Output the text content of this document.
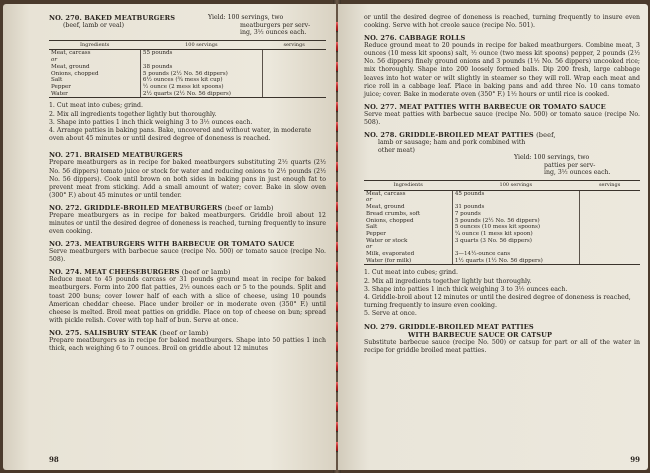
NO. 270. BAKED MEATBURGERS

(beef, lamb or veal)
Yield: 100 servings, two
meatburgers per serv-
ing, 3½ ounces each.
Ingredients	100 servings	servings
Meat, carcass	55 pounds	
or		
Meat, ground	38 pounds	
Onions, chopped	5 pounds (2½ No. 56 dippers)	
Salt	6½ ounces (¾ mess kit cup)	
Pepper	½ ounce (2 mess kit spoons)	
Water	2½ quarts (2½ No. 56 dippers)	
1. Cut meat into cubes; grind.
2. Mix all ingredients together lightly but thoroughly.
3. Shape into patties 1 inch thick weighing 3 to 3½ ounces each.
4. Arrange patties in baking pans. Bake, uncovered and without water, in moderate oven about 45 minutes or until desired degree of doneness is reached.

NO. 271. BRAISED MEATBURGERS

Prepare meatburgers as in recipe for baked meatburgers substituting 2½ quarts (2½ No. 56 dippers) tomato juice or stock for water and reducing onions to 2½ pounds (2½ No. 56 dippers). Cook until brown on both sides in baking pans in just enough fat to prevent meat from sticking. Add a small amount of water; cover. Bake in slow oven (300° F.) about 45 minutes or until tender.

NO. 272. GRIDDLE-BROILED MEATBURGERS (beef or lamb)

Prepare meatburgers as in recipe for baked meatburgers. Griddle broil about 12 minutes or until the desired degree of doneness is reached, turning frequently to insure even cooking.

NO. 273. MEATBURGERS WITH BARBECUE OR TOMATO SAUCE

Serve meatburgers with barbecue sauce (recipe No. 500) or tomato sauce (recipe No. 508).

NO. 274. MEAT CHEESEBURGERS (beef or lamb)

Reduce meat to 45 pounds carcass or 31 pounds ground meat in recipe for baked meatburgers. Form into 200 flat patties, 2½ ounces each or 5 to the pounds. Split and toast 200 buns; cover lower half of each with a slice of cheese, using 10 pounds American cheddar cheese. Place under broiler or in moderate oven (350° F.) until cheese is melted. Broil meat patties on griddle. Place on top of cheese on bun; spread with pickle relish. Cover with top half of bun. Serve at once.

NO. 275. SALISBURY STEAK (beef or lamb)

Prepare meatburgers as in recipe for baked meatburgers. Shape into 50 patties 1 inch thick, each weighing 6 to 7 ounces. Broil on griddle about 12 minutes

98

or until the desired degree of doneness is reached, turning frequently to insure even cooking. Serve with hot creole sauce (recipe No. 501).

NO. 276. CABBAGE ROLLS

Reduce ground meat to 20 pounds in recipe for baked meatburgers. Combine meat, 3 ounces (10 mess kit spoons) salt, ½ ounce (two mess kit spoons) pepper, 2 pounds (2½ No. 56 dippers) finely ground onions and 3 pounds (1½ No. 56 dippers) uncooked rice; mix thoroughly. Shape into 200 loosely formed balls. Dip 200 fresh, large cabbage leaves into hot water or wilt slightly in steamer so they will roll. Wrap each meat and rice roll in a cabbage leaf. Place in baking pans and add three No. 10 cans tomato juice; cover. Bake in moderate oven (350° F.) 1½ hours or until rice is cooked.

NO. 277. MEAT PATTIES WITH BARBECUE OR TOMATO SAUCE

Serve meat patties with barbecue sauce (recipe No. 500) or tomato sauce (recipe No. 508).

NO. 278. GRIDDLE-BROILED MEAT PATTIES (beef,

lamb or sausage; ham and pork combined with
other meat)
Yield: 100 servings, two
patties per serv-
ing, 3½ ounces each.
Ingredients	100 servings	servings
Meat, carcass	45 pounds	
or		
Meat, ground	31 pounds	
Bread crumbs, soft	7 pounds	
Onions, chopped	5 pounds (2½ No. 56 dippers)	
Salt	5 ounces (10 mess kit spoons)	
Pepper	¼ ounce (1 mess kit spoon)	
Water or stock	3 quarts (3 No. 56 dippers)	
or		
Milk, evaporated	3—14½-ounce cans	
Water (for milk)	1½ quarts (1½ No. 56 dippers)	
1. Cut meat into cubes; grind.
2. Mix all ingredients together lightly but thoroughly.
3. Shape into patties 1 inch thick weighing 3 to 3½ ounces each.
4. Griddle-broil about 12 minutes or until the desired degree of doneness is reached, turning frequently to insure even cooking.
5. Serve at once.

NO. 279. GRIDDLE-BROILED MEAT PATTIES

WITH BARBECUE SAUCE OR CATSUP

Substitute barbecue sauce (recipe No. 500) or catsup for part or all of the water in recipe for griddle broiled meat patties.

99
